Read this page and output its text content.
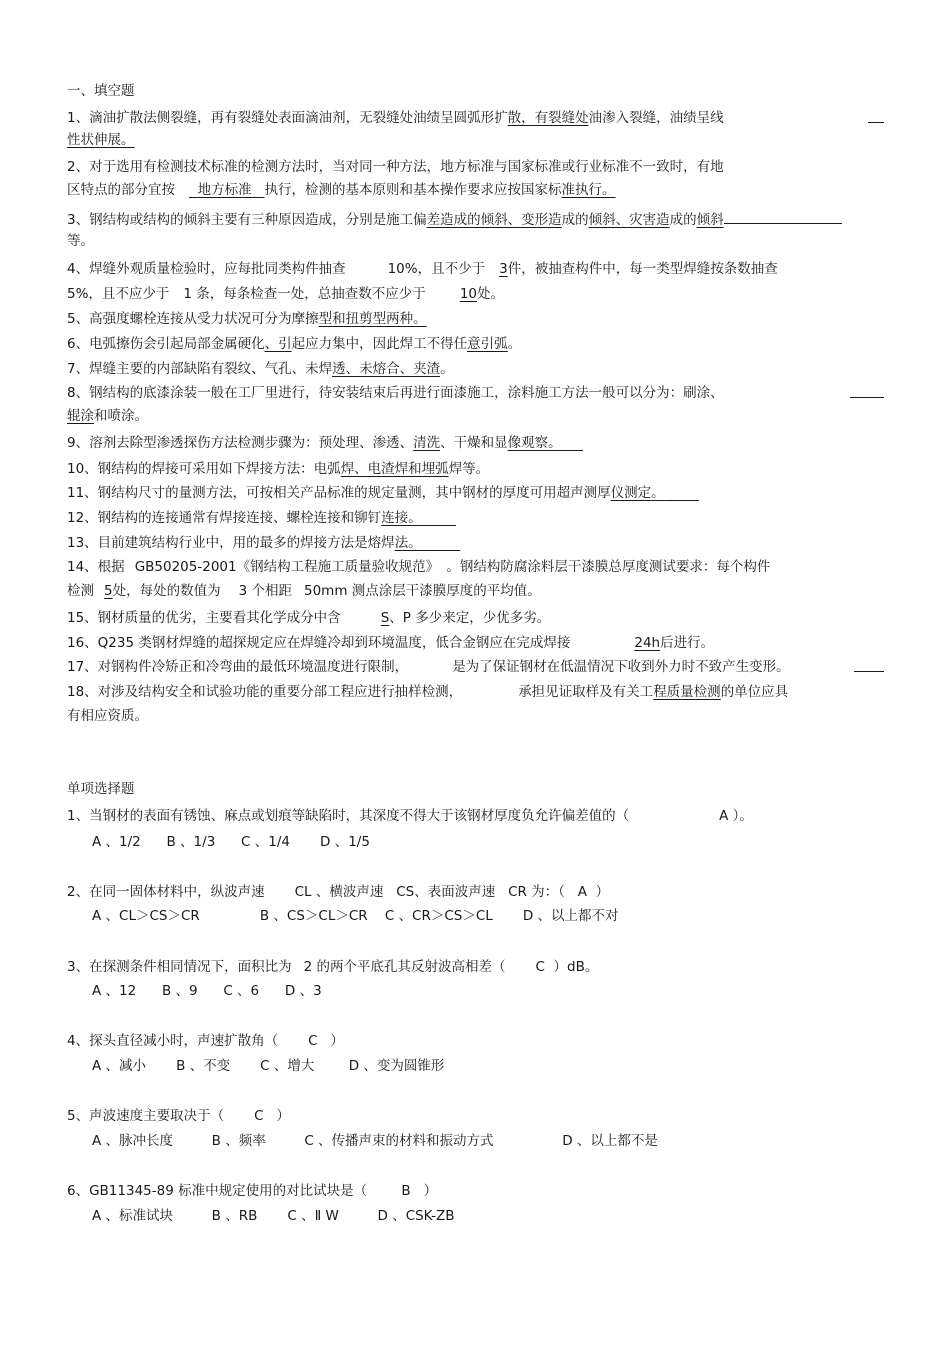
一、填空题
1、滴油扩散法侧裂缝，再有裂缝处表面滴油剂，无裂缝处油绩呈圆弧形扩散，有裂缝处油渗入裂缝，油绩呈线
性状伸展。
2、对于选用有检测技术标准的检测方法时，当对同一种方法，地方标准与国家标准或行业标准不一致时，有地
区特点的部分宜按 地方标准 执行，检测的基本原则和基本操作要求应按国家标准执行。
3、钢结构或结构的倾斜主要有三种原因造成，分别是施工偏差造成的倾斜、变形造成的倾斜、灾害造成的倾斜
等。
4、焊缝外观质量检验时，应每批同类构件抽查	10%，且不少于 3件，被抽查构件中，每一类型焊缝按条数抽查
5%，且不应少于 1 条，每条检查一处，总抽查数不应少于	10处。
5、高强度螺栓连接从受力状况可分为摩擦型和扭剪型两种。
6、电弧擦伤会引起局部金属硬化、引起应力集中，因此焊工不得任意引弧。
7、焊缝主要的内部缺陷有裂纹、气孔、未焊透、未熔合、夹渣。
8、钢结构的底漆涂装一般在工厂里进行，待安装结束后再进行面漆施工，涂料施工方法一般可以分为：刷涂、
辊涂和喷涂。
9、溶剂去除型渗透探伤方法检测步骤为：预处理、渗透、清洗、干燥和显像观察。
10、钢结构的焊接可采用如下焊接方法：电弧焊、电渣焊和埋弧焊等。
11、钢结构尺寸的量测方法，可按相关产品标准的规定量测，其中钢材的厚度可用超声测厚仪测定。
12、钢结构的连接通常有焊接连接、螺栓连接和铆钉连接。
13、目前建筑结构行业中，用的最多的焊接方法是熔焊法。
14、根据 GB50205-2001《钢结构工程施工质量验收规范》 。钢结构防腐涂料层干漆膜总厚度测试要求：每个构件
检测 5处，每处的数值为 3 个相距 50mm 测点涂层干漆膜厚度的平均值。
15、钢材质量的优劣，主要看其化学成分中含	S、P 多少来定，少优多劣。
16、Q235 类钢材焊缝的超探规定应在焊缝冷却到环境温度，低合金钢应在完成焊接	24h后进行。
17、对钢构件冷矫正和冷弯曲的最低环境温度进行限制，	是为了保证钢材在低温情况下收到外力时不致产生变形。
18、对涉及结构安全和试验功能的重要分部工程应进行抽样检测，	承担见证取样及有关工程质量检测的单位应具
有相应资质。
单项选择题
1、当钢材的表面有锈蚀、麻点或划痕等缺陷时，其深度不得大于该钢材厚度负允许偏差值的（	A ）。
A 、1/2      B 、1/3      C 、1/4       D 、1/5
2、在同一固体材料中，纵波声速 CL 、横波声速   CS、表面波声速   CR 为：（   A  ）
A 、CL＞CS＞CR              B 、CS＞CL＞CR    C 、CR＞CS＞CL       D 、以上都不对
3、在探测条件相同情况下，面积比为 2 的两个平底孔其反射波高相差（       C  ）dB。
A 、12      B 、9      C 、6      D 、3
4、探头直径减小时，声速扩散角（       C   ）
A 、减小       B 、不变       C 、增大        D 、变为圆锥形
5、声波速度主要取决于（       C   ）
A 、脉冲长度         B 、频率         C 、传播声束的材料和振动方式                D 、以上都不是
6、GB11345-89 标准中规定使用的对比试块是（        B   ）
A 、标准试块         B 、RB       C 、Ⅱ W         D 、CSK-ZB
